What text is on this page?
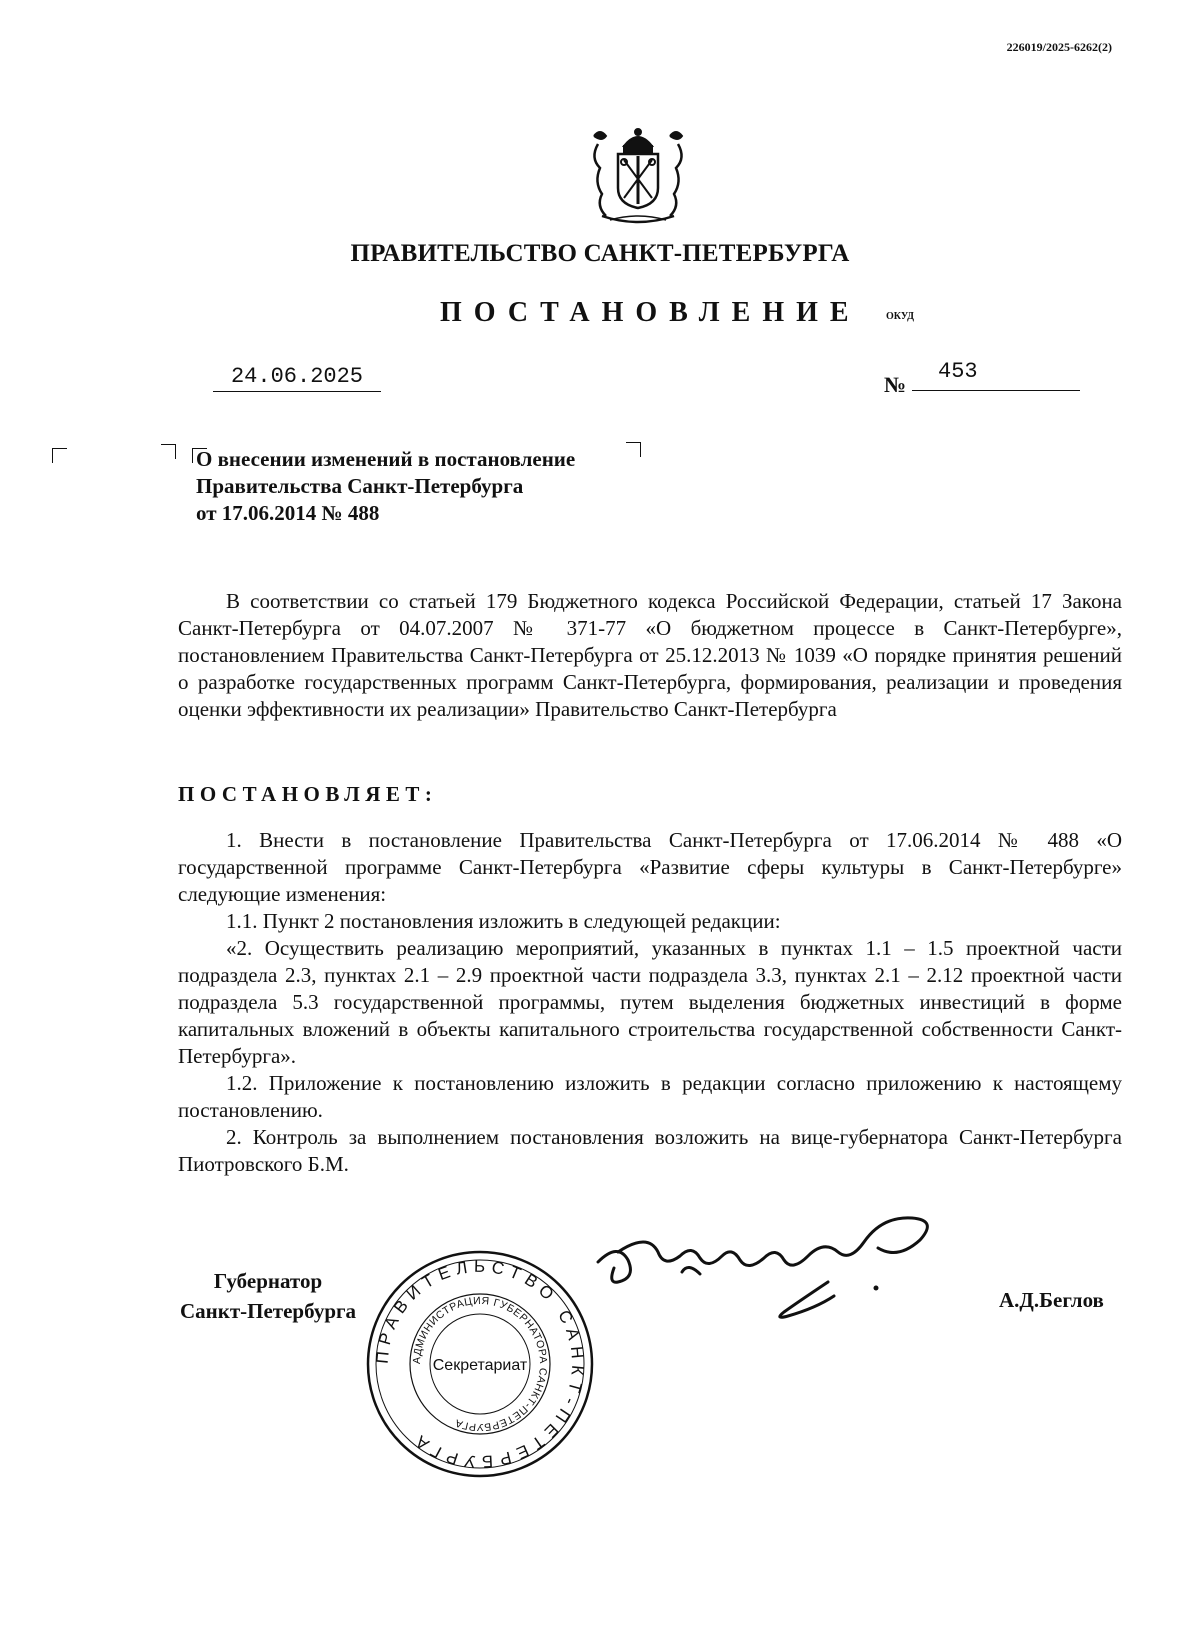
226019/2025-6262(2)
ПРАВИТЕЛЬСТВО САНКТ-ПЕТЕРБУРГА
ПОСТАНОВЛЕНИЕ	ОКУД
24.06.2025	№
453
О внесении изменений в постановление
Правительства Санкт-Петербурга
от 17.06.2014 № 488
В соответствии со статьей 179 Бюджетного кодекса Российской Федерации, статьей 17 Закона Санкт-Петербурга от 04.07.2007 № 371-77 «О бюджетном процессе в Санкт-Петербурге», постановлением Правительства Санкт-Петербурга от 25.12.2013 № 1039 «О порядке принятия решений о разработке государственных программ Санкт-Петербурга, формирования, реализации и проведения оценки эффективности их реализации» Правительство Санкт-Петербурга
ПОСТАНОВЛЯЕТ:
1. Внести в постановление Правительства Санкт-Петербурга от 17.06.2014 № 488 «О государственной программе Санкт-Петербурга «Развитие сферы культуры в Санкт-Петербурге» следующие изменения:
1.1. Пункт 2 постановления изложить в следующей редакции:
«2. Осуществить реализацию мероприятий, указанных в пунктах 1.1 – 1.5 проектной части подраздела 2.3, пунктах 2.1 – 2.9 проектной части подраздела 3.3, пунктах 2.1 – 2.12 проектной части подраздела 5.3 государственной программы, путем выделения бюджетных инвестиций в форме капитальных вложений в объекты капитального строительства государственной собственности Санкт-Петербурга».
1.2. Приложение к постановлению изложить в редакции согласно приложению к настоящему постановлению.
2. Контроль за выполнением постановления возложить на вице-губернатора Санкт-Петербурга Пиотровского Б.М.
Губернатор
Санкт-Петербурга
ПРАВИТЕЛЬСТВО САНКТ-ПЕТЕРБУРГА
АДМИНИСТРАЦИЯ ГУБЕРНАТОРА САНКТ-ПЕТЕРБУРГА
Секретариат
А.Д.Беглов
